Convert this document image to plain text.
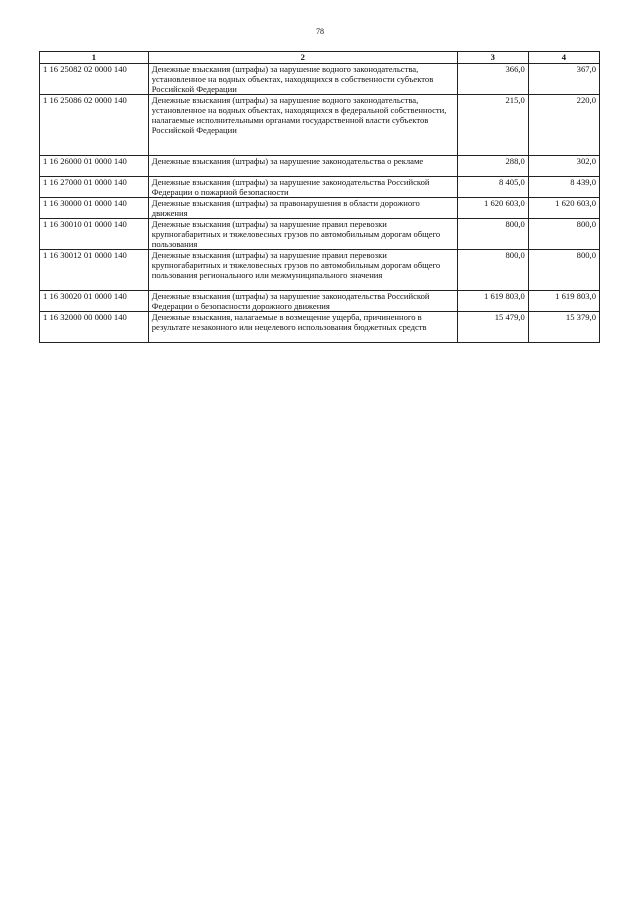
78
1	2	3	4
1 16 25082 02 0000 140	Денежные взыскания (штрафы) за нарушение водного законодательства, установленное на водных объектах, находящихся в собственности субъектов Российской Федерации	366,0	367,0
1 16 25086 02 0000 140	Денежные взыскания (штрафы) за нарушение водного законодательства, установленное на водных объектах, находящихся в федеральной собственности, налагаемые исполнительными органами государственной власти субъектов Российской Федерации	215,0	220,0
1 16 26000 01 0000 140	Денежные взыскания (штрафы) за нарушение законодательства о рекламе	288,0	302,0
1 16 27000 01 0000 140	Денежные взыскания (штрафы) за нарушение законодательства Российской Федерации о пожарной безопасности	8 405,0	8 439,0
1 16 30000 01 0000 140	Денежные взыскания (штрафы) за правонарушения в области дорожного движения	1 620 603,0	1 620 603,0
1 16 30010 01 0000 140	Денежные взыскания (штрафы) за нарушение правил перевозки крупногабаритных и тяжеловесных грузов по автомобильным дорогам общего пользования	800,0	800,0
1 16 30012 01 0000 140	Денежные взыскания (штрафы) за нарушение правил перевозки крупногабаритных и тяжеловесных грузов по автомобильным дорогам общего пользования регионального или межмуниципального значения	800,0	800,0
1 16 30020 01 0000 140	Денежные взыскания (штрафы) за нарушение законодательства Российской Федерации о безопасности дорожного движения	1 619 803,0	1 619 803,0
1 16 32000 00 0000 140	Денежные взыскания, налагаемые в возмещение ущерба, причиненного в результате незаконного или нецелевого использования бюджетных средств	15 479,0	15 379,0
